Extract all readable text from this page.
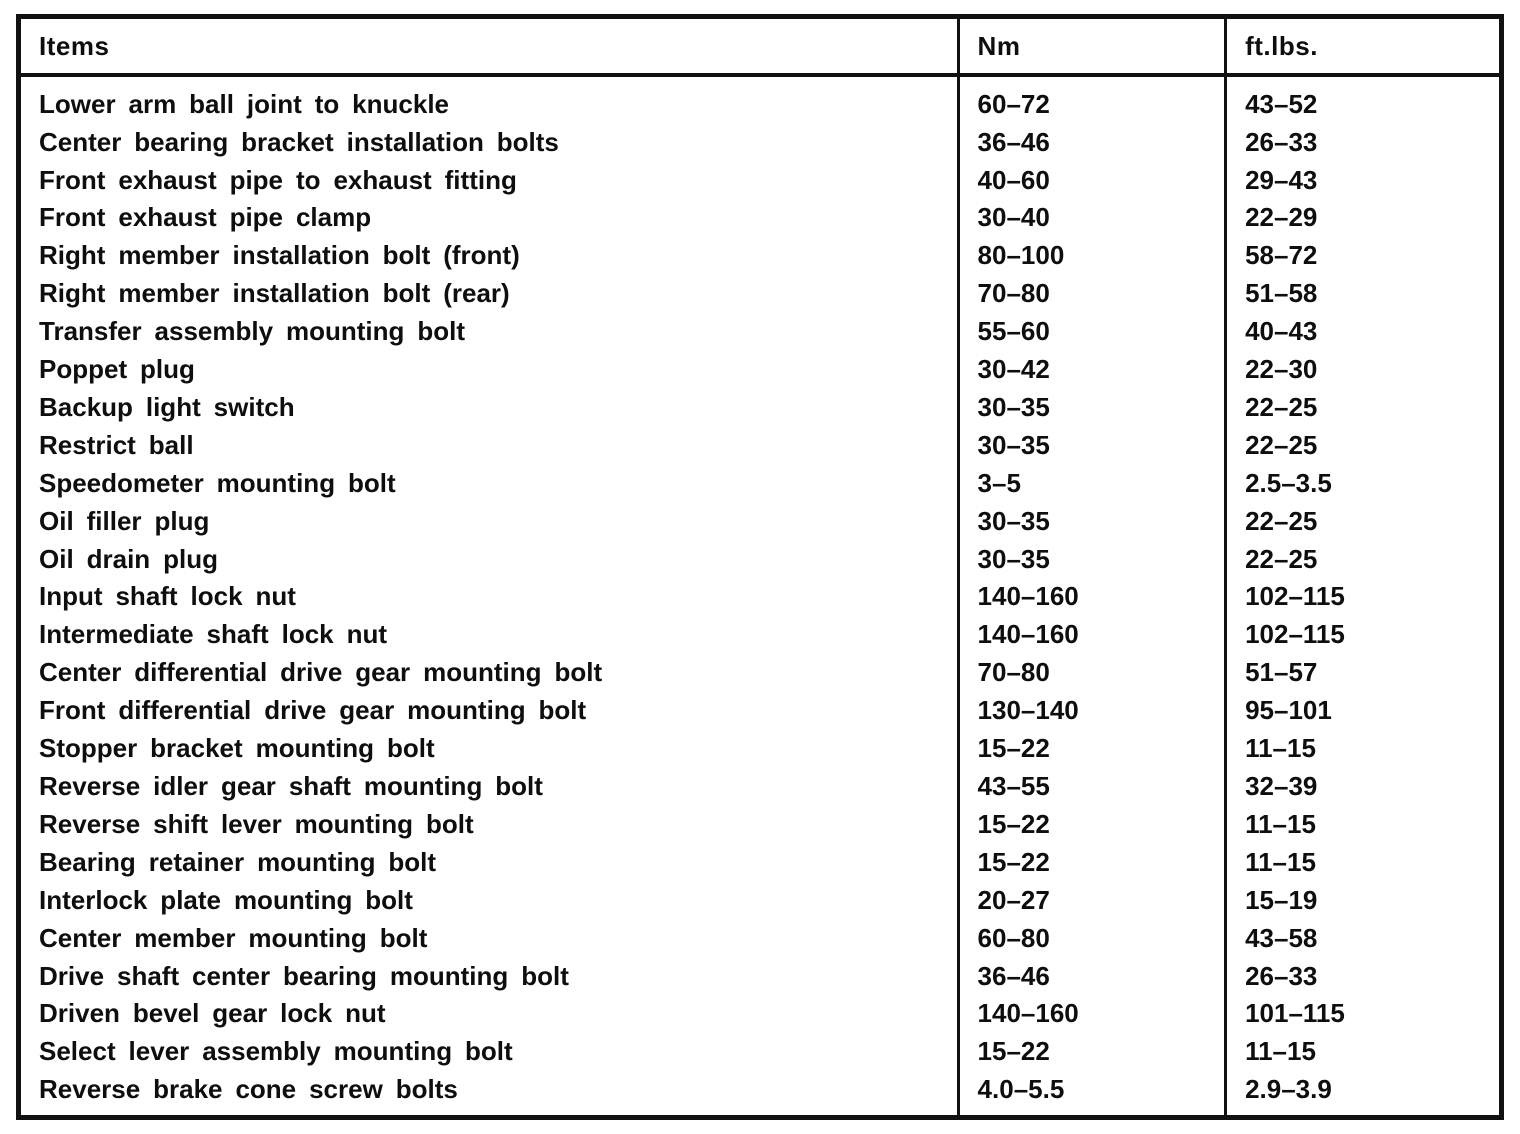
Items	Nm	ft.lbs.
Lower arm ball joint to knuckle	60–72	43–52
Center bearing bracket installation bolts	36–46	26–33
Front exhaust pipe to exhaust fitting	40–60	29–43
Front exhaust pipe clamp	30–40	22–29
Right member installation bolt (front)	80–100	58–72
Right member installation bolt (rear)	70–80	51–58
Transfer assembly mounting bolt	55–60	40–43
Poppet plug	30–42	22–30
Backup light switch	30–35	22–25
Restrict ball	30–35	22–25
Speedometer mounting bolt	3–5	2.5–3.5
Oil filler plug	30–35	22–25
Oil drain plug	30–35	22–25
Input shaft lock nut	140–160	102–115
Intermediate shaft lock nut	140–160	102–115
Center differential drive gear mounting bolt	70–80	51–57
Front differential drive gear mounting bolt	130–140	95–101
Stopper bracket mounting bolt	15–22	11–15
Reverse idler gear shaft mounting bolt	43–55	32–39
Reverse shift lever mounting bolt	15–22	11–15
Bearing retainer mounting bolt	15–22	11–15
Interlock plate mounting bolt	20–27	15–19
Center member mounting bolt	60–80	43–58
Drive shaft center bearing mounting bolt	36–46	26–33
Driven bevel gear lock nut	140–160	101–115
Select lever assembly mounting bolt	15–22	11–15
Reverse brake cone screw bolts	4.0–5.5	2.9–3.9
